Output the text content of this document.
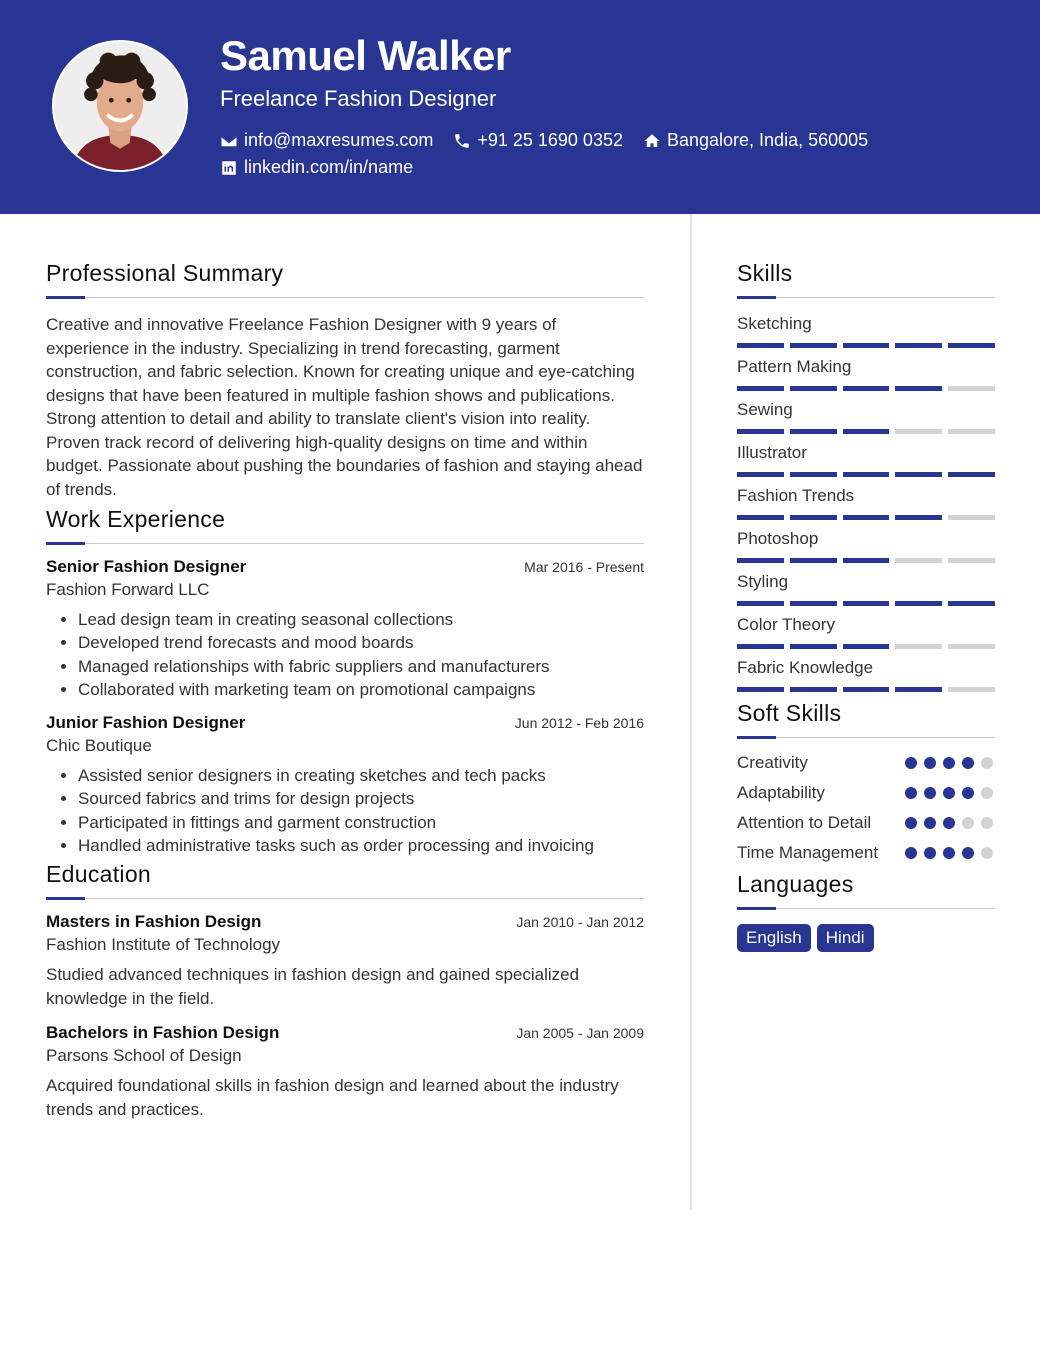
Samuel Walker
Freelance Fashion Designer
info@maxresumes.com +91 25 1690 0352 Bangalore, India, 560005
linkedin.com/in/name
Professional Summary
Creative and innovative Freelance Fashion Designer with 9 years of experience in the industry. Specializing in trend forecasting, garment construction, and fabric selection. Known for creating unique and eye-catching designs that have been featured in multiple fashion shows and publications. Strong attention to detail and ability to translate client's vision into reality. Proven track record of delivering high-quality designs on time and within budget. Passionate about pushing the boundaries of fashion and staying ahead of trends.
Work Experience
Senior Fashion Designer	Mar 2016 - Present
Fashion Forward LLC
• Lead design team in creating seasonal collections
• Developed trend forecasts and mood boards
• Managed relationships with fabric suppliers and manufacturers
• Collaborated with marketing team on promotional campaigns
Junior Fashion Designer	Jun 2012 - Feb 2016
Chic Boutique
• Assisted senior designers in creating sketches and tech packs
• Sourced fabrics and trims for design projects
• Participated in fittings and garment construction
• Handled administrative tasks such as order processing and invoicing
Education
Masters in Fashion Design	Jan 2010 - Jan 2012
Fashion Institute of Technology
Studied advanced techniques in fashion design and gained specialized knowledge in the field.
Bachelors in Fashion Design	Jan 2005 - Jan 2009
Parsons School of Design
Acquired foundational skills in fashion design and learned about the industry trends and practices.
Skills
Sketching
Pattern Making
Sewing
Illustrator
Fashion Trends
Photoshop
Styling
Color Theory
Fabric Knowledge
Soft Skills
Creativity
Adaptability
Attention to Detail
Time Management
Languages
English	Hindi
